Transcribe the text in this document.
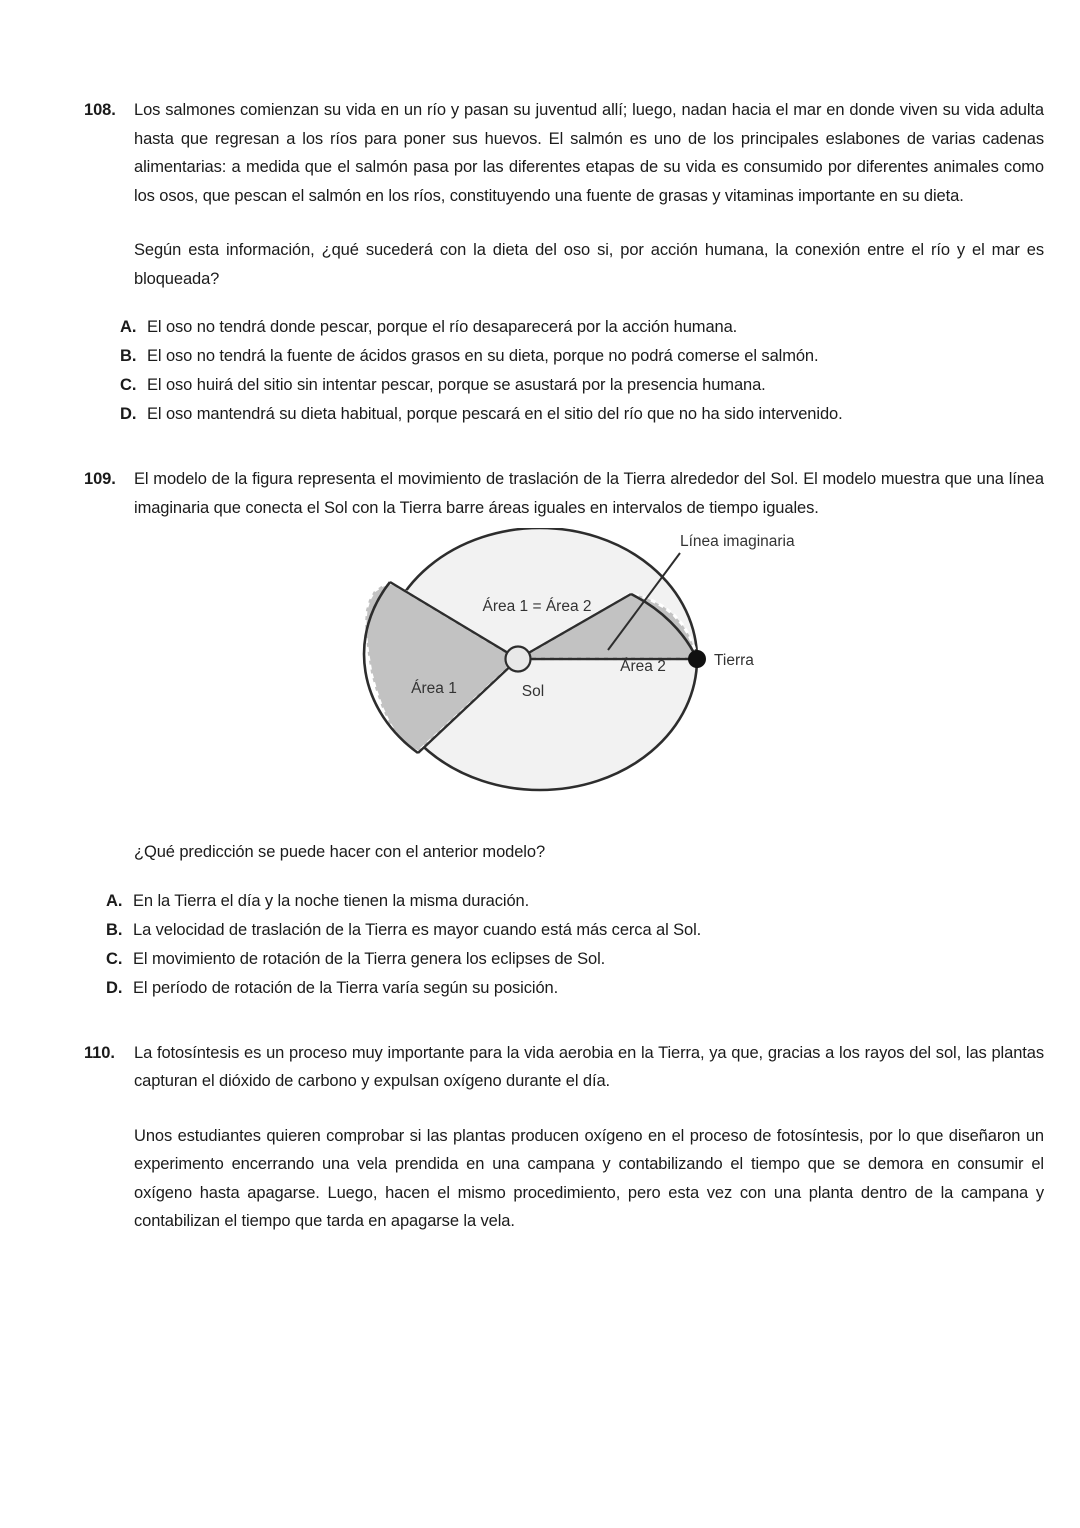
108.	Los salmones comienzan su vida en un río y pasan su juventud allí; luego, nadan hacia el mar en donde viven su vida adulta hasta que regresan a los ríos para poner sus huevos. El salmón es uno de los principales eslabones de varias cadenas alimentarias: a medida que el salmón pasa por las diferentes etapas de su vida es consumido por diferentes animales como los osos, que pescan el salmón en los ríos, constituyendo una fuente de grasas y vitaminas importante en su dieta.
Según esta información, ¿qué sucederá con la dieta del oso si, por acción humana, la conexión entre el río y el mar es bloqueada?
A. El oso no tendrá donde pescar, porque el río desaparecerá por la acción humana.
B. El oso no tendrá la fuente de ácidos grasos en su dieta, porque no podrá comerse el salmón.
C. El oso huirá del sitio sin intentar pescar, porque se asustará por la presencia humana.
D. El oso mantendrá su dieta habitual, porque pescará en el sitio del río que no ha sido intervenido.
109.	El modelo de la figura representa el movimiento de traslación de la Tierra alrededor del Sol. El modelo muestra que una línea imaginaria que conecta el Sol con la Tierra barre áreas iguales en intervalos de tiempo iguales.
Línea imaginaria
Área 1 = Área 2
Área 1
Área 2
Sol
Tierra
¿Qué predicción se puede hacer con el anterior modelo?
A. En la Tierra el día y la noche tienen la misma duración.
B. La velocidad de traslación de la Tierra es mayor cuando está más cerca al Sol.
C. El movimiento de rotación de la Tierra genera los eclipses de Sol.
D. El período de rotación de la Tierra varía según su posición.
110.	La fotosíntesis es un proceso muy importante para la vida aerobia en la Tierra, ya que, gracias a los rayos del sol, las plantas capturan el dióxido de carbono y expulsan oxígeno durante el día.
Unos estudiantes quieren comprobar si las plantas producen oxígeno en el proceso de fotosíntesis, por lo que diseñaron un experimento encerrando una vela prendida en una campana y contabilizando el tiempo que se demora en consumir el oxígeno hasta apagarse. Luego, hacen el mismo procedimiento, pero esta vez con una planta dentro de la campana y contabilizan el tiempo que tarda en apagarse la vela.
